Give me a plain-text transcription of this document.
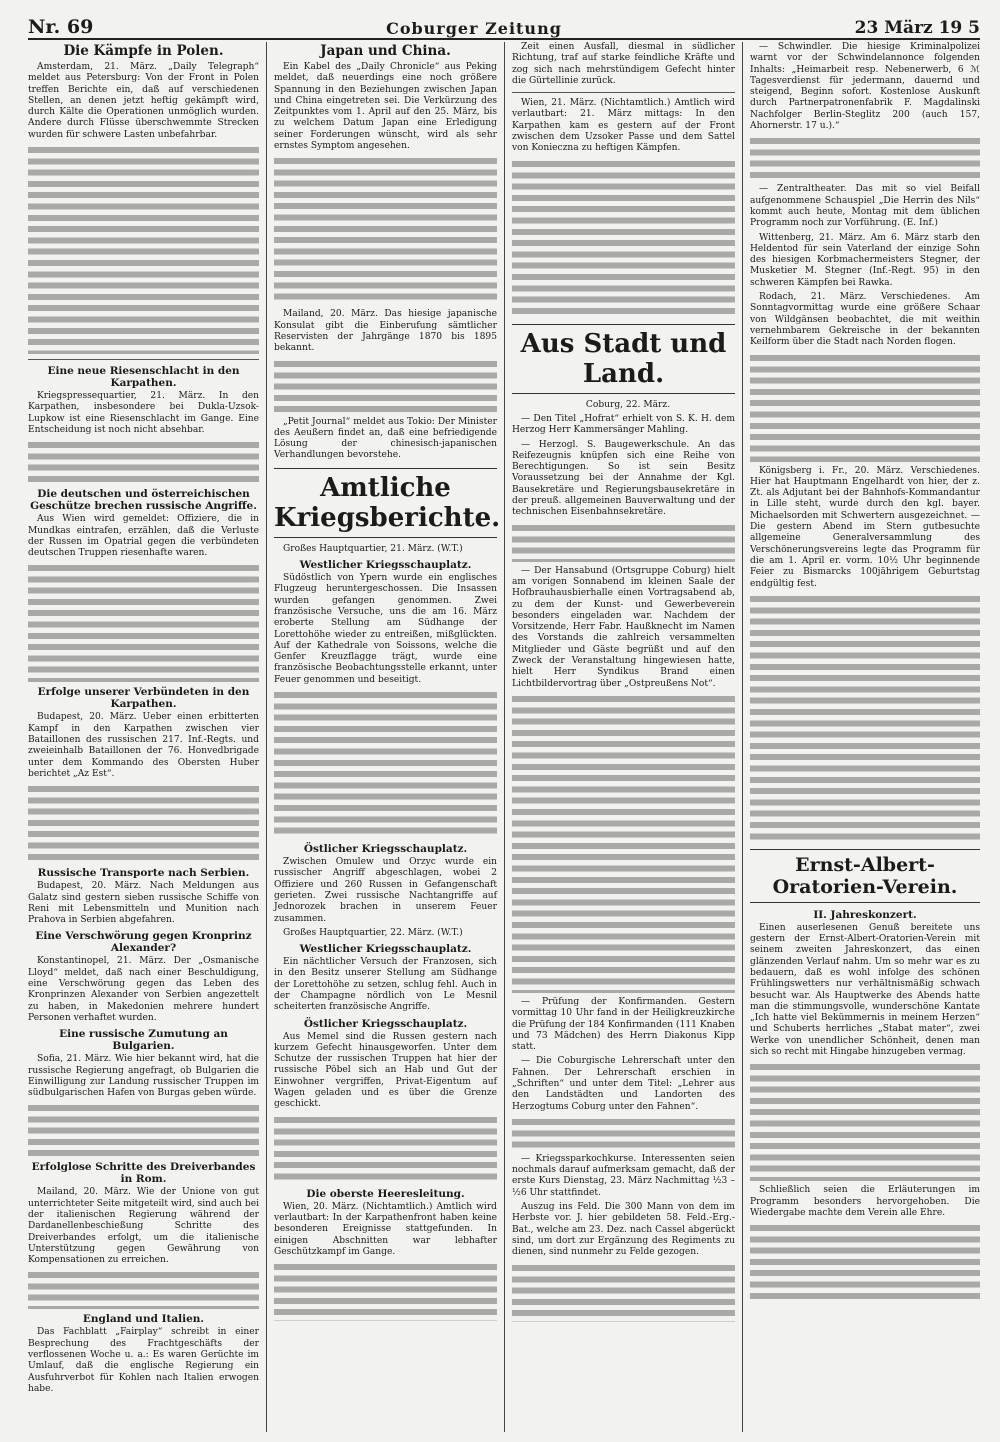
Nr. 69	Coburger Zeitung	23 März 19 5
Die Kämpfe in Polen.

Amsterdam, 21. März. „Daily Telegraph“ meldet aus Petersburg: Von der Front in Polen treffen Berichte ein, daß auf verschiedenen Stellen, an denen jetzt heftig gekämpft wird, durch Kälte die Operationen unmöglich wurden. Andere durch Flüsse überschwemmte Strecken wurden für schwere Lasten unbefahrbar.

Eine neue Riesenschlacht in den Karpathen.

Kriegspressequartier, 21. März. In den Karpathen, insbesondere bei Dukla-Uzsok-Lupkow ist eine Riesenschlacht im Gange. Eine Entscheidung ist noch nicht absehbar.

Die deutschen und österreichischen Geschütze brechen russische Angriffe.

Aus Wien wird gemeldet: Offiziere, die in Mundkas eintrafen, erzählen, daß die Verluste der Russen im Opatrial gegen die verbündeten deutschen Truppen riesenhafte waren.

Erfolge unserer Verbündeten in den Karpathen.

Budapest, 20. März. Ueber einen erbitterten Kampf in den Karpathen zwischen vier Bataillonen des russischen 217. Inf.-Regts. und zweieinhalb Bataillonen der 76. Honvedbrigade unter dem Kommando des Obersten Huber berichtet „Az Est“.

Russische Transporte nach Serbien.

Budapest, 20. März. Nach Meldungen aus Galatz sind gestern sieben russische Schiffe von Reni mit Lebensmitteln und Munition nach Prahova in Serbien abgefahren.

Eine Verschwörung gegen Kronprinz Alexander?

Konstantinopel, 21. März. Der „Osmanische Lloyd“ meldet, daß nach einer Beschuldigung, eine Verschwörung gegen das Leben des Kronprinzen Alexander von Serbien angezettelt zu haben, in Makedonien mehrere hundert Personen verhaftet wurden.

Eine russische Zumutung an Bulgarien.

Sofia, 21. März. Wie hier bekannt wird, hat die russische Regierung angefragt, ob Bulgarien die Einwilligung zur Landung russischer Truppen im südbulgarischen Hafen von Burgas geben würde.

Erfolglose Schritte des Dreiverbandes in Rom.

Mailand, 20. März. Wie der Unione von gut unterrichteter Seite mitgeteilt wird, sind auch bei der italienischen Regierung während der Dardanellenbeschießung Schritte des Dreiverbandes erfolgt, um die italienische Unterstützung gegen Gewährung von Kompensationen zu erreichen.

England und Italien.

Das Fachblatt „Fairplay“ schreibt in einer Besprechung des Frachtgeschäfts der verflossenen Woche u. a.: Es waren Gerüchte im Umlauf, daß die englische Regierung ein Ausfuhrverbot für Kohlen nach Italien erwogen habe.

Japan und China.

Ein Kabel des „Daily Chronicle“ aus Peking meldet, daß neuerdings eine noch größere Spannung in den Beziehungen zwischen Japan und China eingetreten sei. Die Verkürzung des Zeitpunktes vom 1. April auf den 25. März, bis zu welchem Datum Japan eine Erledigung seiner Forderungen wünscht, wird als sehr ernstes Symptom angesehen.

Mailand, 20. März. Das hiesige japanische Konsulat gibt die Einberufung sämtlicher Reservisten der Jahrgänge 1870 bis 1895 bekannt.

„Petit Journal“ meldet aus Tokio: Der Minister des Aeußern findet an, daß eine befriedigende Lösung der chinesisch-japanischen Verhandlungen bevorstehe.

Amtliche Kriegsberichte.

Großes Hauptquartier, 21. März. (W.T.)

Westlicher Kriegsschauplatz.

Südöstlich von Ypern wurde ein englisches Flugzeug heruntergeschossen. Die Insassen wurden gefangen genommen. Zwei französische Versuche, uns die am 16. März eroberte Stellung am Südhange der Lorettohöhe wieder zu entreißen, mißglückten. Auf der Kathedrale von Soissons, welche die Genfer Kreuzflagge trägt, wurde eine französische Beobachtungsstelle erkannt, unter Feuer genommen und beseitigt.

Östlicher Kriegsschauplatz.

Zwischen Omulew und Orzyc wurde ein russischer Angriff abgeschlagen, wobei 2 Offiziere und 260 Russen in Gefangenschaft gerieten. Zwei russische Nachtangriffe auf Jednorozek brachen in unserem Feuer zusammen.

Großes Hauptquartier, 22. März. (W.T.)

Westlicher Kriegsschauplatz.

Ein nächtlicher Versuch der Franzosen, sich in den Besitz unserer Stellung am Südhange der Lorettohöhe zu setzen, schlug fehl. Auch in der Champagne nördlich von Le Mesnil scheiterten französische Angriffe.

Östlicher Kriegsschauplatz.

Aus Memel sind die Russen gestern nach kurzem Gefecht hinausgeworfen. Unter dem Schutze der russischen Truppen hat hier der russische Pöbel sich an Hab und Gut der Einwohner vergriffen, Privat-Eigentum auf Wagen geladen und es über die Grenze geschickt.

Die oberste Heeresleitung.

Wien, 20. März. (Nichtamtlich.) Amtlich wird verlautbart: In der Karpathenfront haben keine besonderen Ereignisse stattgefunden. In einigen Abschnitten war lebhafter Geschützkampf im Gange.

Zeit einen Ausfall, diesmal in südlicher Richtung, traf auf starke feindliche Kräfte und zog sich nach mehrstündigem Gefecht hinter die Gürtellinie zurück.

Wien, 21. März. (Nichtamtlich.) Amtlich wird verlautbart: 21. März mittags: In den Karpathen kam es gestern auf der Front zwischen dem Uzsoker Passe und dem Sattel von Konieczna zu heftigen Kämpfen.

Aus Stadt und Land.

Coburg, 22. März.

— Den Titel „Hofrat“ erhielt von S. K. H. dem Herzog Herr Kammersänger Mahling.

— Herzogl. S. Baugewerkschule. An das Reifezeugnis knüpfen sich eine Reihe von Berechtigungen. So ist sein Besitz Voraussetzung bei der Annahme der Kgl. Bausekretäre und Regierungsbausekretäre in der preuß. allgemeinen Bauverwaltung und der technischen Eisenbahnsekretäre.

— Der Hansabund (Ortsgruppe Coburg) hielt am vorigen Sonnabend im kleinen Saale der Hofbrauhausbierhalle einen Vortragsabend ab, zu dem der Kunst- und Gewerbeverein besonders eingeladen war. Nachdem der Vorsitzende, Herr Fabr. Haußknecht im Namen des Vorstands die zahlreich versammelten Mitglieder und Gäste begrüßt und auf den Zweck der Veranstaltung hingewiesen hatte, hielt Herr Syndikus Brand einen Lichtbildervortrag über „Ostpreußens Not“.

— Prüfung der Konfirmanden. Gestern vormittag 10 Uhr fand in der Heiligkreuzkirche die Prüfung der 184 Konfirmanden (111 Knaben und 73 Mädchen) des Herrn Diakonus Kipp statt.

— Die Coburgische Lehrerschaft unter den Fahnen. Der Lehrerschaft erschien in „Schriften“ und unter dem Titel: „Lehrer aus den Landstädten und Landorten des Herzogtums Coburg unter den Fahnen“.

— Kriegssparkochkurse. Interessenten seien nochmals darauf aufmerksam gemacht, daß der erste Kurs Dienstag, 23. März Nachmittag ½3 – ½6 Uhr stattfindet.

Auszug ins Feld. Die 300 Mann von dem im Herbste vor. J. hier gebildeten 58. Feld.-Erg.-Bat., welche am 23. Dez. nach Cassel abgerückt sind, um dort zur Ergänzung des Regiments zu dienen, sind nunmehr zu Felde gezogen.

— Schwindler. Die hiesige Kriminalpolizei warnt vor der Schwindelannonce folgenden Inhalts: „Heimarbeit resp. Nebenerwerb, 6 ℳ Tagesverdienst für jedermann, dauernd und steigend, Beginn sofort. Kostenlose Auskunft durch Partnerpatronenfabrik F. Magdalinski Nachfolger Berlin-Steglitz 200 (auch 157, Ahornerstr. 17 u.).“

— Zentraltheater. Das mit so viel Beifall aufgenommene Schauspiel „Die Herrin des Nils“ kommt auch heute, Montag mit dem üblichen Programm noch zur Vorführung. (E. Inf.)

Wittenberg, 21. März. Am 6. März starb den Heldentod für sein Vaterland der einzige Sohn des hiesigen Korbmachermeisters Stegner, der Musketier M. Stegner (Inf.-Regt. 95) in den schweren Kämpfen bei Rawka.

Rodach, 21. März. Verschiedenes. Am Sonntagvormittag wurde eine größere Schaar von Wildgänsen beobachtet, die mit weithin vernehmbarem Gekreische in der bekannten Keilform über die Stadt nach Norden flogen.

Königsberg i. Fr., 20. März. Verschiedenes. Hier hat Hauptmann Engelhardt von hier, der z. Zt. als Adjutant bei der Bahnhofs-Kommandantur in Lille steht, wurde durch den kgl. bayer. Michaelsorden mit Schwertern ausgezeichnet. — Die gestern Abend im Stern gutbesuchte allgemeine Generalversammlung des Verschönerungsvereins legte das Programm für die am 1. April er. vorm. 10½ Uhr beginnende Feier zu Bismarcks 100jährigem Geburtstag endgültig fest.

Ernst-Albert-Oratorien-Verein.
II. Jahreskonzert.

Einen auserlesenen Genuß bereitete uns gestern der Ernst-Albert-Oratorien-Verein mit seinem zweiten Jahreskonzert, das einen glänzenden Verlauf nahm. Um so mehr war es zu bedauern, daß es wohl infolge des schönen Frühlingswetters nur verhältnismäßig schwach besucht war. Als Hauptwerke des Abends hatte man die stimmungsvolle, wunderschöne Kantate „Ich hatte viel Bekümmernis in meinem Herzen“ und Schuberts herrliches „Stabat mater“, zwei Werke von unendlicher Schönheit, denen man sich so recht mit Hingabe hinzugeben vermag.

Schließlich seien die Erläuterungen im Programm besonders hervorgehoben. Die Wiedergabe machte dem Verein alle Ehre.
